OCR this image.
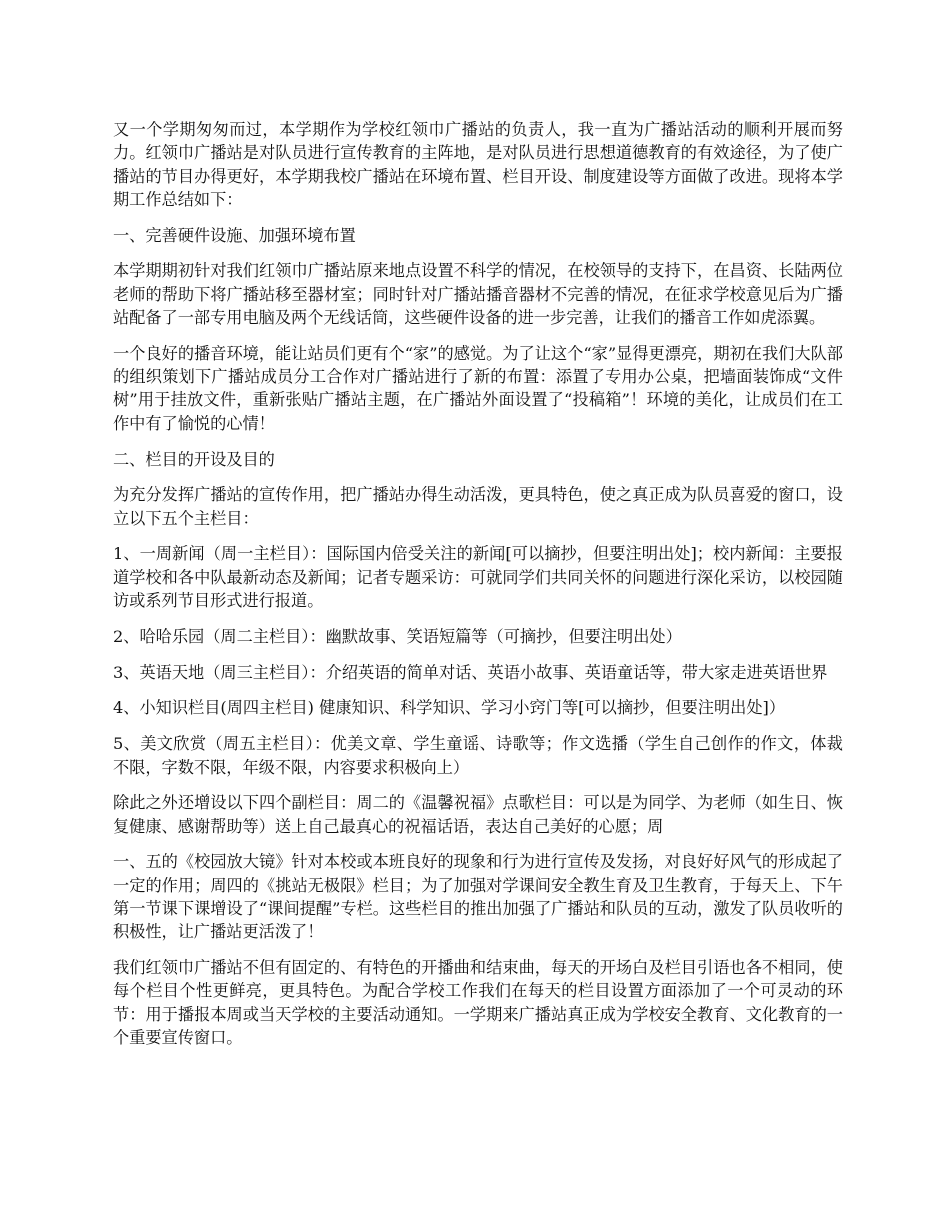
又一个学期匆匆而过，本学期作为学校红领巾广播站的负责人，我一直为广播站活动的顺利开展而努力。红领巾广播站是对队员进行宣传教育的主阵地，是对队员进行思想道德教育的有效途径，为了使广播站的节目办得更好，本学期我校广播站在环境布置、栏目开设、制度建设等方面做了改进。现将本学期工作总结如下：

一、完善硬件设施、加强环境布置

本学期期初针对我们红领巾广播站原来地点设置不科学的情况，在校领导的支持下，在昌资、长陆两位老师的帮助下将广播站移至器材室；同时针对广播站播音器材不完善的情况，在征求学校意见后为广播站配备了一部专用电脑及两个无线话筒，这些硬件设备的进一步完善，让我们的播音工作如虎添翼。

一个良好的播音环境，能让站员们更有个“家”的感觉。为了让这个“家”显得更漂亮，期初在我们大队部的组织策划下广播站成员分工合作对广播站进行了新的布置：添置了专用办公桌，把墙面装饰成“文件树”用于挂放文件，重新张贴广播站主题，在广播站外面设置了“投稿箱”！环境的美化，让成员们在工作中有了愉悦的心情！

二、栏目的开设及目的

为充分发挥广播站的宣传作用，把广播站办得生动活泼，更具特色，使之真正成为队员喜爱的窗口，设立以下五个主栏目：

1、一周新闻（周一主栏目）：国际国内倍受关注的新闻[可以摘抄，但要注明出处]；校内新闻：主要报道学校和各中队最新动态及新闻；记者专题采访：可就同学们共同关怀的问题进行深化采访，以校园随访或系列节目形式进行报道。

2、哈哈乐园（周二主栏目）：幽默故事、笑语短篇等（可摘抄，但要注明出处）

3、英语天地（周三主栏目）：介绍英语的简单对话、英语小故事、英语童话等，带大家走进英语世界

4、小知识栏目(周四主栏目) 健康知识、科学知识、学习小窍门等[可以摘抄，但要注明出处]）

5、美文欣赏（周五主栏目）：优美文章、学生童谣、诗歌等；作文选播（学生自己创作的作文，体裁不限，字数不限，年级不限，内容要求积极向上）

除此之外还增设以下四个副栏目：周二的《温馨祝福》点歌栏目：可以是为同学、为老师（如生日、恢复健康、感谢帮助等）送上自己最真心的祝福话语，表达自己美好的心愿；周

一、五的《校园放大镜》针对本校或本班良好的现象和行为进行宣传及发扬，对良好好风气的形成起了一定的作用；周四的《挑站无极限》栏目；为了加强对学课间安全教生育及卫生教育，于每天上、下午第一节课下课增设了“课间提醒”专栏。这些栏目的推出加强了广播站和队员的互动，激发了队员收听的积极性，让广播站更活泼了！

我们红领巾广播站不但有固定的、有特色的开播曲和结束曲，每天的开场白及栏目引语也各不相同，使每个栏目个性更鲜亮，更具特色。为配合学校工作我们在每天的栏目设置方面添加了一个可灵动的环节：用于播报本周或当天学校的主要活动通知。一学期来广播站真正成为学校安全教育、文化教育的一个重要宣传窗口。
